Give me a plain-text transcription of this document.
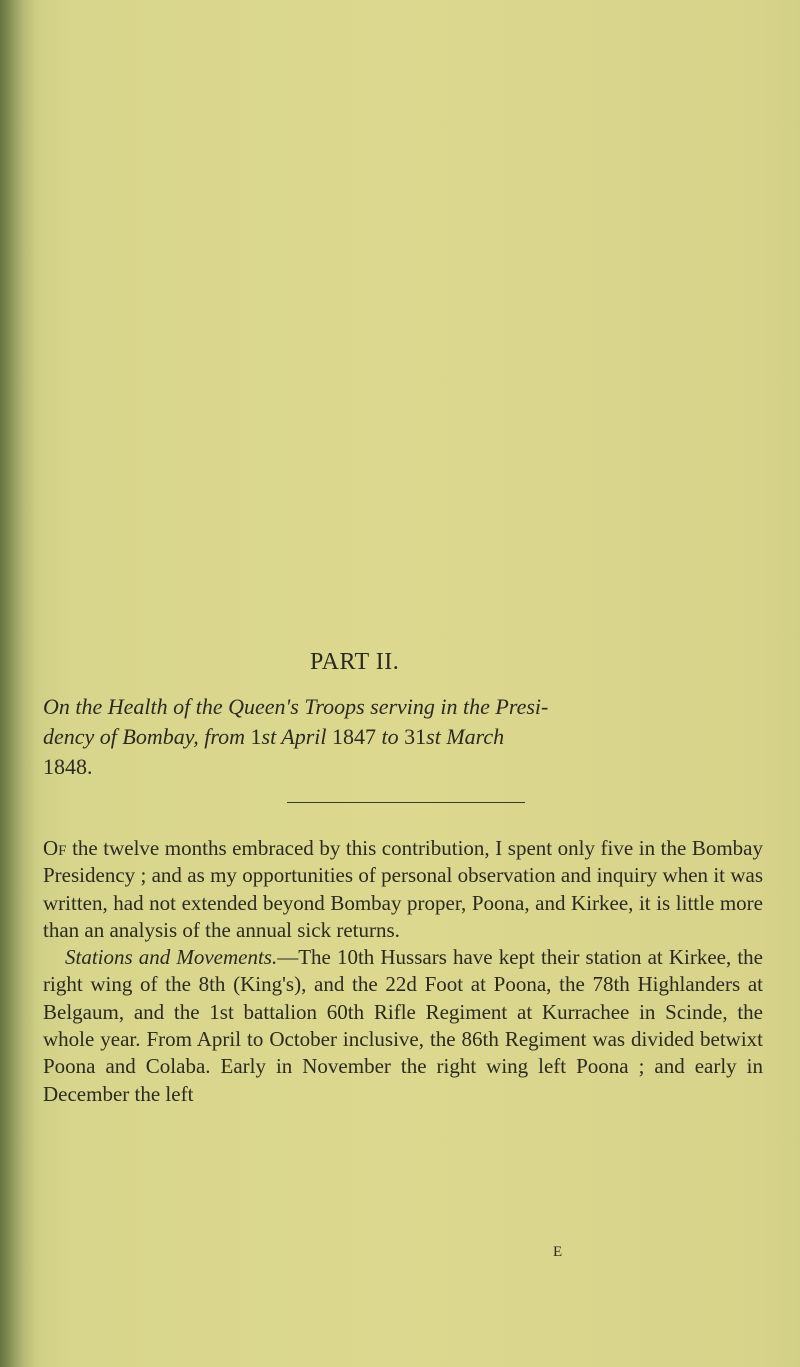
PART II.
On the Health of the Queen's Troops serving in the Presi-
dency of Bombay, from 1st April 1847 to 31st March
1848.

Of the twelve months embraced by this contribution, I spent only five in the Bombay Presidency ; and as my opportunities of personal observation and inquiry when it was written, had not extended beyond Bombay proper, Poona, and Kirkee, it is little more than an analysis of the annual sick returns.

Stations and Movements.—The 10th Hussars have kept their station at Kirkee, the right wing of the 8th (King's), and the 22d Foot at Poona, the 78th Highlanders at Belgaum, and the 1st battalion 60th Rifle Regiment at Kurrachee in Scinde, the whole year. From April to October inclusive, the 86th Regiment was divided betwixt Poona and Colaba. Early in November the right wing left Poona ; and early in December the left

E
